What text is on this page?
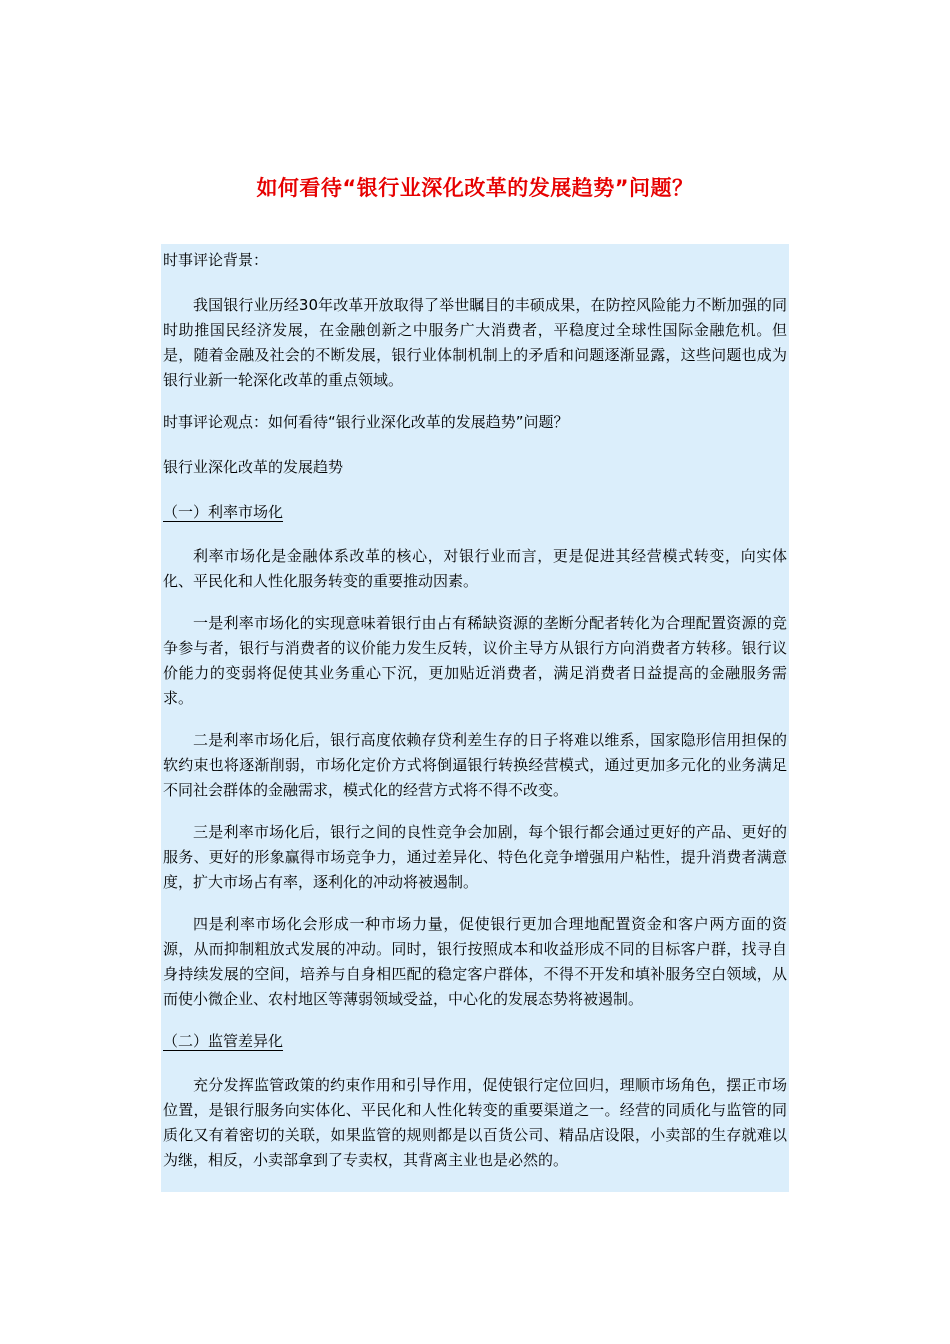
如何看待“银行业深化改革的发展趋势”问题？

时事评论背景：

我国银行业历经30年改革开放取得了举世瞩目的丰硕成果，在防控风险能力不断加强的同时助推国民经济发展，在金融创新之中服务广大消费者，平稳度过全球性国际金融危机。但是，随着金融及社会的不断发展，银行业体制机制上的矛盾和问题逐渐显露，这些问题也成为银行业新一轮深化改革的重点领域。

时事评论观点：如何看待“银行业深化改革的发展趋势”问题？

银行业深化改革的发展趋势

（一）利率市场化

利率市场化是金融体系改革的核心，对银行业而言，更是促进其经营模式转变，向实体化、平民化和人性化服务转变的重要推动因素。

一是利率市场化的实现意味着银行由占有稀缺资源的垄断分配者转化为合理配置资源的竞争参与者，银行与消费者的议价能力发生反转，议价主导方从银行方向消费者方转移。银行议价能力的变弱将促使其业务重心下沉，更加贴近消费者，满足消费者日益提高的金融服务需求。

二是利率市场化后，银行高度依赖存贷利差生存的日子将难以维系，国家隐形信用担保的软约束也将逐渐削弱，市场化定价方式将倒逼银行转换经营模式，通过更加多元化的业务满足不同社会群体的金融需求，模式化的经营方式将不得不改变。

三是利率市场化后，银行之间的良性竞争会加剧，每个银行都会通过更好的产品、更好的服务、更好的形象赢得市场竞争力，通过差异化、特色化竞争增强用户粘性，提升消费者满意度，扩大市场占有率，逐利化的冲动将被遏制。

四是利率市场化会形成一种市场力量，促使银行更加合理地配置资金和客户两方面的资源，从而抑制粗放式发展的冲动。同时，银行按照成本和收益形成不同的目标客户群，找寻自身持续发展的空间，培养与自身相匹配的稳定客户群体，不得不开发和填补服务空白领域，从而使小微企业、农村地区等薄弱领域受益，中心化的发展态势将被遏制。

（二）监管差异化

充分发挥监管政策的约束作用和引导作用，促使银行定位回归，理顺市场角色，摆正市场位置，是银行服务向实体化、平民化和人性化转变的重要渠道之一。经营的同质化与监管的同质化又有着密切的关联，如果监管的规则都是以百货公司、精品店设限，小卖部的生存就难以为继，相反，小卖部拿到了专卖权，其背离主业也是必然的。
